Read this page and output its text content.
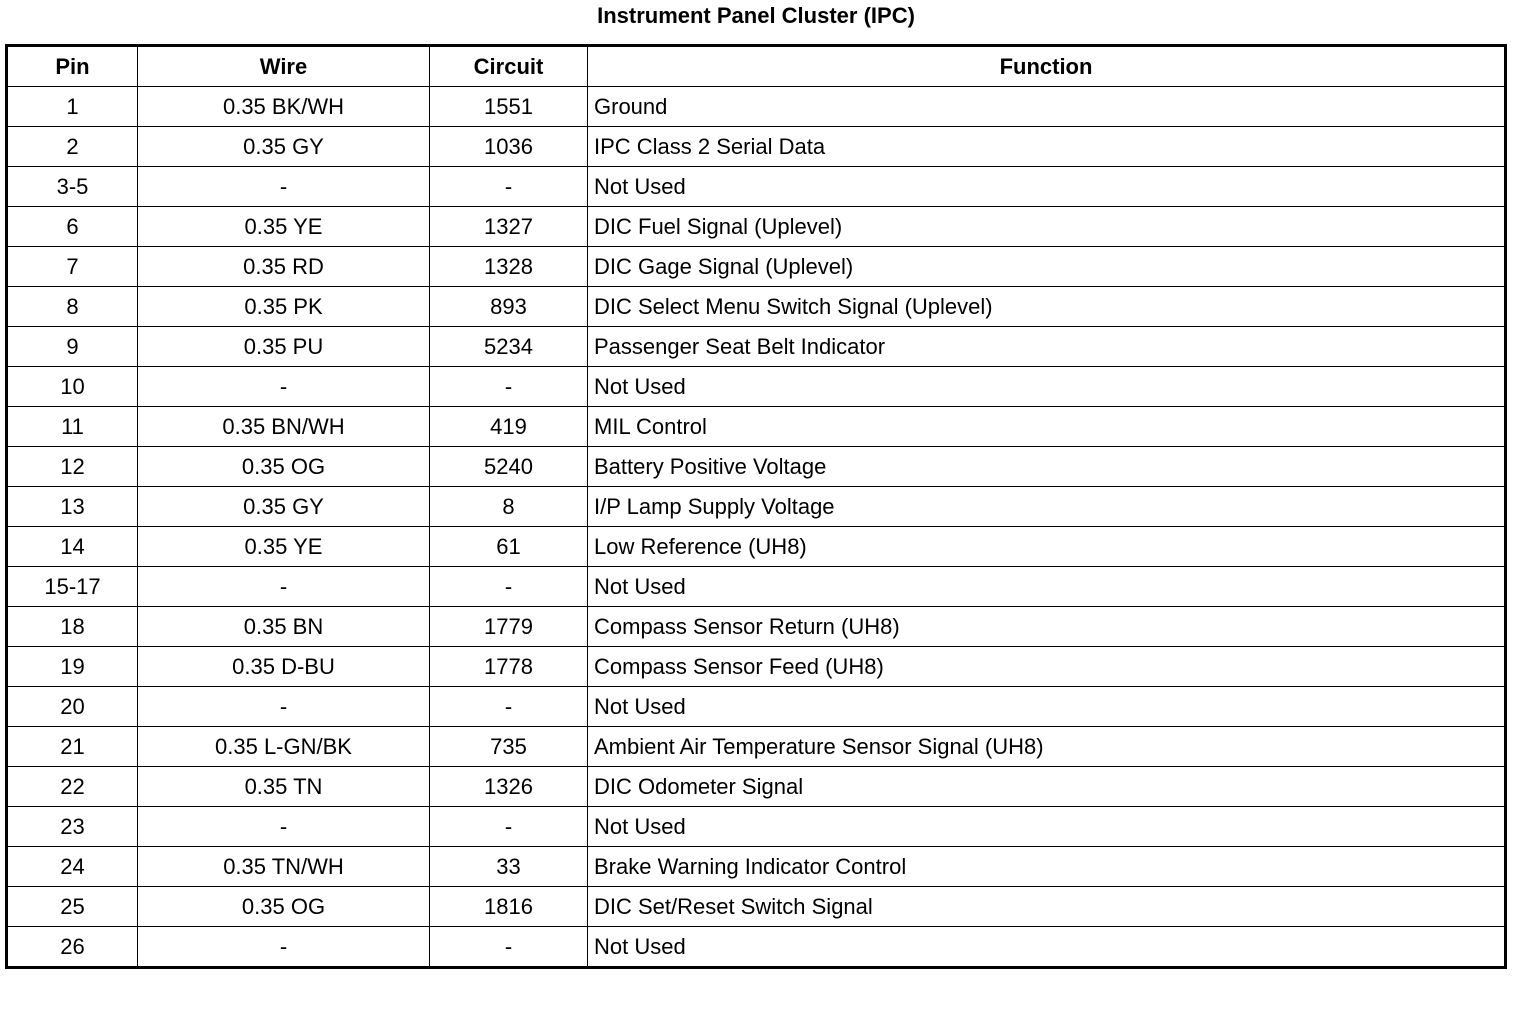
Instrument Panel Cluster (IPC)
Pin	Wire	Circuit	Function
1	0.35 BK/WH	1551	Ground
2	0.35 GY	1036	IPC Class 2 Serial Data
3-5	-	-	Not Used
6	0.35 YE	1327	DIC Fuel Signal (Uplevel)
7	0.35 RD	1328	DIC Gage Signal (Uplevel)
8	0.35 PK	893	DIC Select Menu Switch Signal (Uplevel)
9	0.35 PU	5234	Passenger Seat Belt Indicator
10	-	-	Not Used
11	0.35 BN/WH	419	MIL Control
12	0.35 OG	5240	Battery Positive Voltage
13	0.35 GY	8	I/P Lamp Supply Voltage
14	0.35 YE	61	Low Reference (UH8)
15-17	-	-	Not Used
18	0.35 BN	1779	Compass Sensor Return (UH8)
19	0.35 D-BU	1778	Compass Sensor Feed (UH8)
20	-	-	Not Used
21	0.35 L-GN/BK	735	Ambient Air Temperature Sensor Signal (UH8)
22	0.35 TN	1326	DIC Odometer Signal
23	-	-	Not Used
24	0.35 TN/WH	33	Brake Warning Indicator Control
25	0.35 OG	1816	DIC Set/Reset Switch Signal
26	-	-	Not Used
